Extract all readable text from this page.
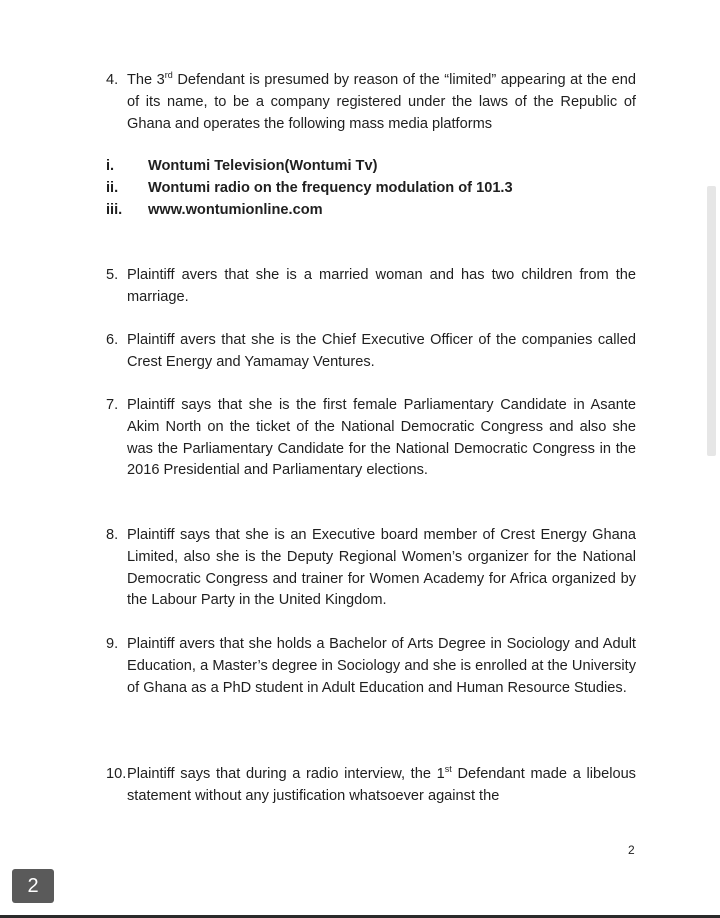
4. The 3rd Defendant is presumed by reason of the “limited” appearing at the end of its name, to be a company registered under the laws of the Republic of Ghana and operates the following mass media platforms
i. Wontumi Television(Wontumi Tv)
ii. Wontumi radio on the frequency modulation of 101.3
iii. www.wontumionline.com
5. Plaintiff avers that she is a married woman and has two children from the marriage.
6. Plaintiff avers that she is the Chief Executive Officer of the companies called Crest Energy and Yamamay Ventures.
7. Plaintiff says that she is the first female Parliamentary Candidate in Asante Akim North on the ticket of the National Democratic Congress and also she was the Parliamentary Candidate for the National Democratic Congress in the 2016 Presidential and Parliamentary elections.
8. Plaintiff says that she is an Executive board member of Crest Energy Ghana Limited, also she is the Deputy Regional Women’s organizer for the National Democratic Congress and trainer for Women Academy for Africa organized by the Labour Party in the United Kingdom.
9. Plaintiff avers that she holds a Bachelor of Arts Degree in Sociology and Adult Education, a Master’s degree in Sociology and she is enrolled at the University of Ghana as a PhD student in Adult Education and Human Resource Studies.
10. Plaintiff says that during a radio interview, the 1st Defendant made a libelous statement without any justification whatsoever against the
2
2
